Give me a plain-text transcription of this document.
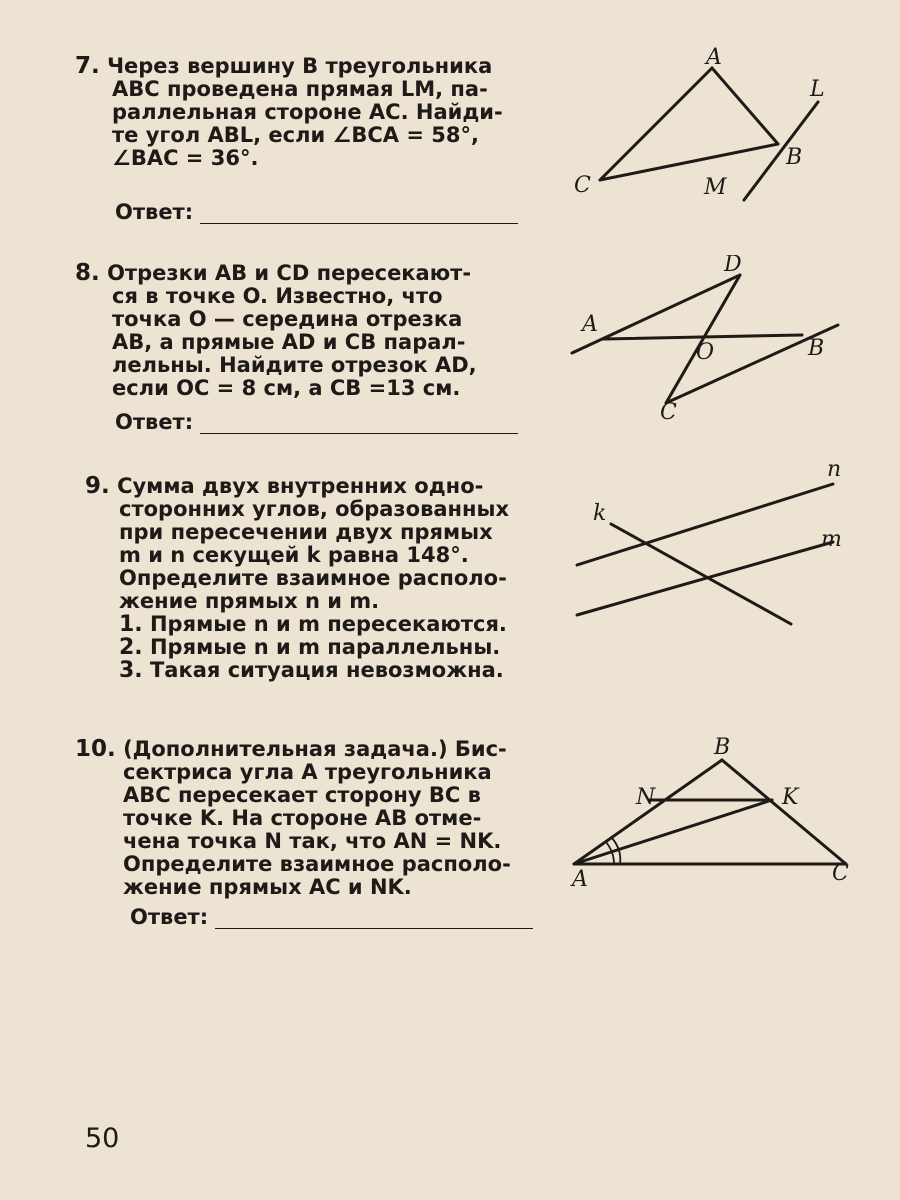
7. Через вершину B треугольника

ABC проведена прямая LM, па-

раллельная стороне AC. Найди-

те угол ABL, если ∠BCA = 58°,

∠BAC = 36°.

Ответ:
A
L
B
C	M

8. Отрезки AB и CD пересекают-

ся в точке O. Известно, что

точка O — середина отрезка

AB, а прямые AD и CB парал-

лельны. Найдите отрезок AD,

если OC = 8 см, а CB =13 см.

Ответ:
D
A
O	B
C

9. Сумма двух внутренних одно-

сторонних углов, образованных

при пересечении двух прямых

m и n секущей k равна 148°.

Определите взаимное располо-

жение прямых n и m.

1. Прямые n и m пересекаются.

2. Прямые n и m параллельны.

3. Такая ситуация невозможна.

n
k
m

10. (Дополнительная задача.) Бис-

сектриса угла A треугольника

ABC пересекает сторону BC в

точке K. На стороне AB отме-

чена точка N так, что AN = NK.

Определите взаимное располо-

жение прямых AC и NK.

Ответ:
B
N	K
A	C
50
